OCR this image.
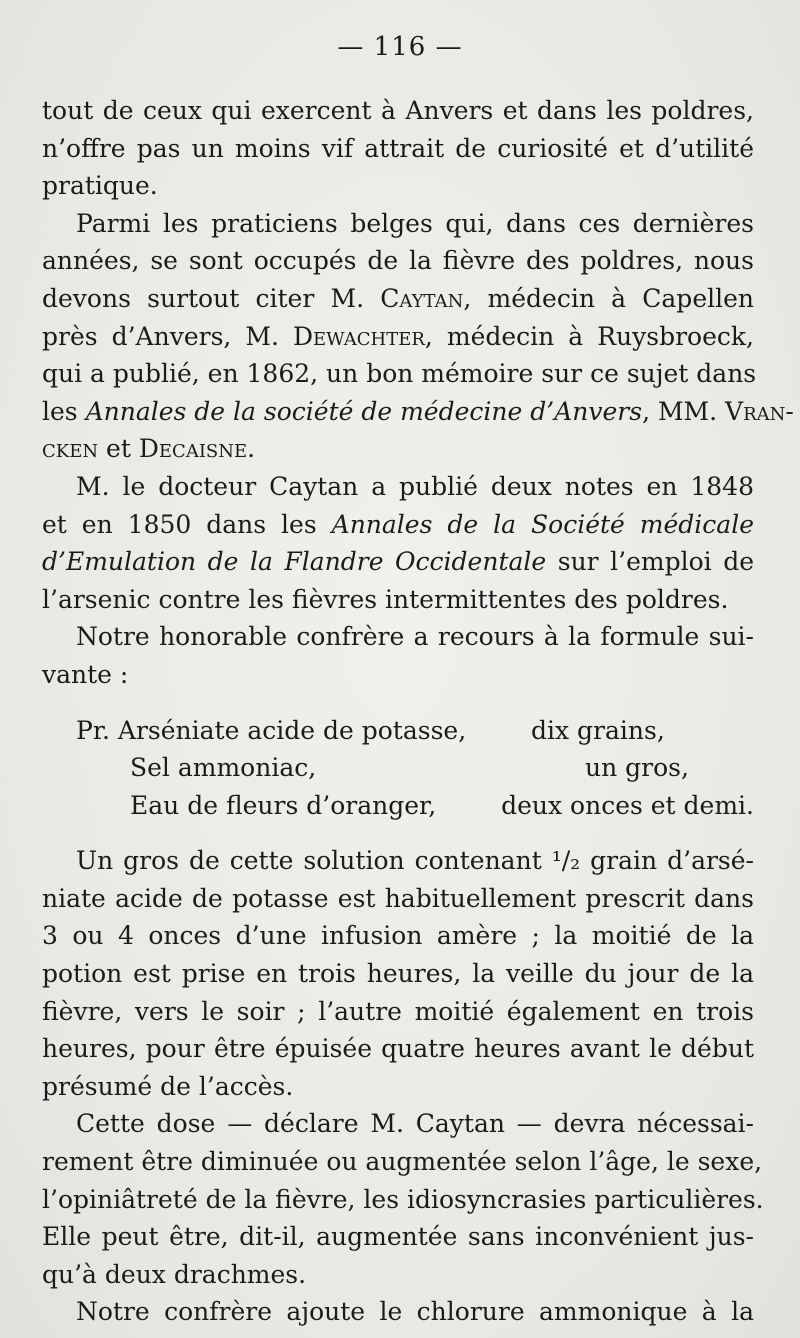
— 116 —
tout de ceux qui exercent à Anvers et dans les poldres,
n’offre pas un moins vif attrait de curiosité et d’utilité
pratique.
Parmi les praticiens belges qui, dans ces dernières
années, se sont occupés de la fièvre des poldres, nous
devons surtout citer M. Caytan, médecin à Capellen
près d’Anvers, M. Dewachter, médecin à Ruysbroeck,
qui a publié, en 1862, un bon mémoire sur ce sujet dans
les Annales de la société de médecine d’Anvers, MM. Vran-
cken et Decaisne.
M. le docteur Caytan a publié deux notes en 1848
et en 1850 dans les Annales de la Société médicale
d’Emulation de la Flandre Occidentale sur l’emploi de
l’arsenic contre les fièvres intermittentes des poldres.
Notre honorable confrère a recours à la formule sui-
vante :
Pr. Arséniate acide de potasse,	dix grains,
Sel ammoniac,	un gros,
Eau de fleurs d’oranger,	deux onces et demi.
Un gros de cette solution contenant ¹/₂ grain d’arsé-
niate acide de potasse est habituellement prescrit dans
3 ou 4 onces d’une infusion amère ; la moitié de la
potion est prise en trois heures, la veille du jour de la
fièvre, vers le soir ; l’autre moitié également en trois
heures, pour être épuisée quatre heures avant le début
présumé de l’accès.
Cette dose — déclare M. Caytan — devra nécessai-
rement être diminuée ou augmentée selon l’âge, le sexe,
l’opiniâtreté de la fièvre, les idiosyncrasies particulières.
Elle peut être, dit-il, augmentée sans inconvénient jus-
qu’à deux drachmes.
Notre confrère ajoute le chlorure ammonique à la
